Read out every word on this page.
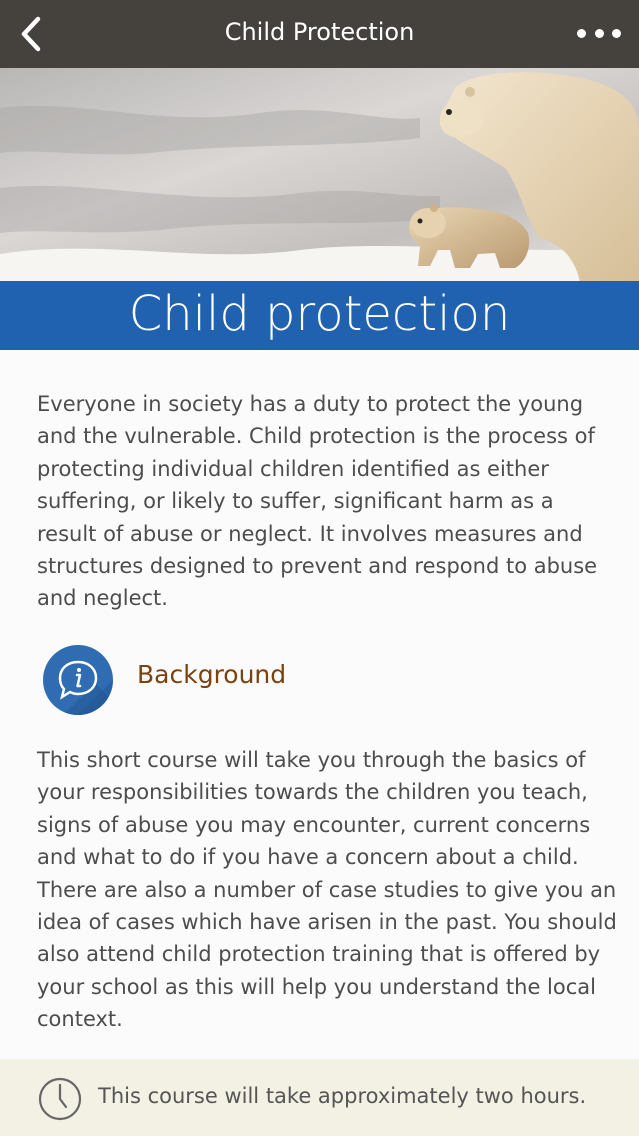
Child Protection
Child protection

Everyone in society has a duty to protect the young and the vulnerable. Child protection is the process of protecting individual children identified as either suffering, or likely to suffer, significant harm as a result of abuse or neglect. It involves measures and structures designed to prevent and respond to abuse and neglect.

Background

This short course will take you through the basics of your responsibilities towards the children you teach, signs of abuse you may encounter, current concerns and what to do if you have a concern about a child. There are also a number of case studies to give you an idea of cases which have arisen in the past. You should also attend child protection training that is offered by your school as this will help you understand the local context.

This course will take approximately two hours.
